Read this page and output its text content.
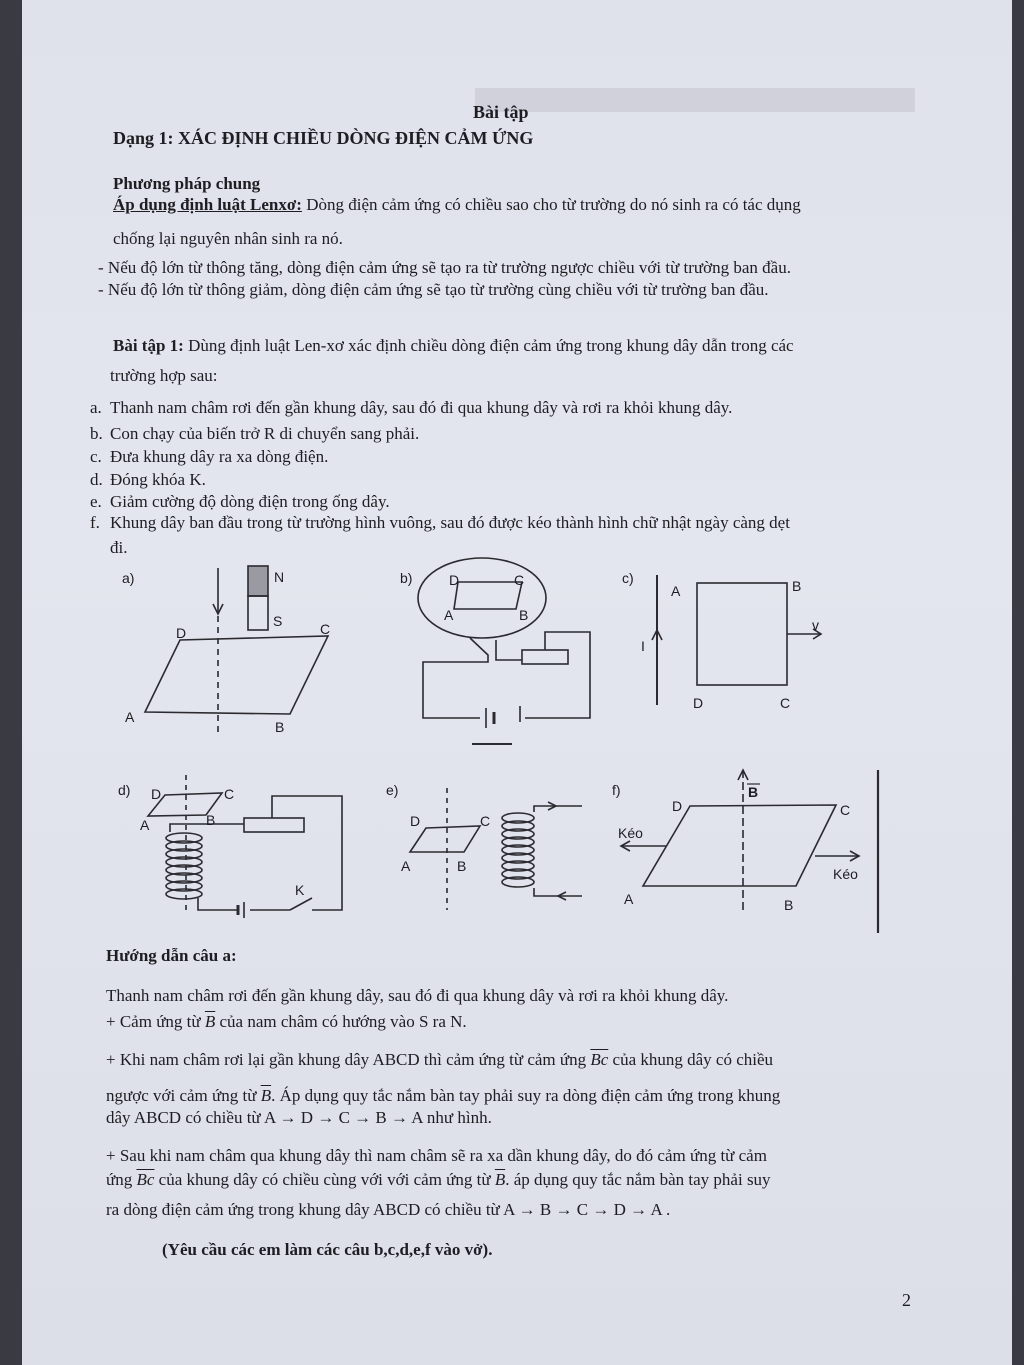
Bài tập
Dạng 1: XÁC ĐỊNH CHIỀU DÒNG ĐIỆN CẢM ỨNG
Phương pháp chung
Áp dụng định luật Lenxơ: Dòng điện cảm ứng có chiều sao cho từ trường do nó sinh ra có tác dụng
chống lại nguyên nhân sinh ra nó.
- Nếu độ lớn từ thông tăng, dòng điện cảm ứng sẽ tạo ra từ trường ngược chiều với từ trường ban đầu.
- Nếu độ lớn từ thông giảm, dòng điện cảm ứng sẽ tạo từ trường cùng chiều với từ trường ban đầu.
Bài tập 1: Dùng định luật Len-xơ xác định chiều dòng điện cảm ứng trong khung dây dẫn trong các
trường hợp sau:
a. Thanh nam châm rơi đến gần khung dây, sau đó đi qua khung dây và rơi ra khỏi khung dây.
b. Con chạy của biến trở R di chuyển sang phải.
c. Đưa khung dây ra xa dòng điện.
d. Đóng khóa K.
e. Giảm cường độ dòng điện trong ống dây.
f. Khung dây ban đầu trong từ trường hình vuông, sau đó được kéo thành hình chữ nhật ngày càng dẹt
đi.
a)	N
S
D	C
A
B
b)	D	C
A	B
c)
A	B
D	C
I
v
d) D	C
A	B
K
e)
D	C
A	B
f)	B
D	C
A	B
Kéo
Kéo
Hướng dẫn câu a:
Thanh nam châm rơi đến gần khung dây, sau đó đi qua khung dây và rơi ra khỏi khung dây.
+ Cảm ứng từ $\overline{B}$ của nam châm có hướng vào S ra N.
+ Khi nam châm rơi lại gần khung dây ABCD thì cảm ứng từ cảm ứng $\overline{Bc}$ của khung dây có chiều
ngược với cảm ứng từ $\overline{B}$. Áp dụng quy tắc nắm bàn tay phải suy ra dòng điện cảm ứng trong khung
dây ABCD có chiều từ A → D → C → B → A như hình.
+ Sau khi nam châm qua khung dây thì nam châm sẽ ra xa dần khung dây, do đó cảm ứng từ cảm
ứng $\overline{Bc}$ của khung dây có chiều cùng với với cảm ứng từ $\overline{B}$. áp dụng quy tắc nắm bàn tay phải suy
ra dòng điện cảm ứng trong khung dây ABCD có chiều từ A → B → C → D → A .
(Yêu cầu các em làm các câu b,c,d,e,f vào vở).
2
